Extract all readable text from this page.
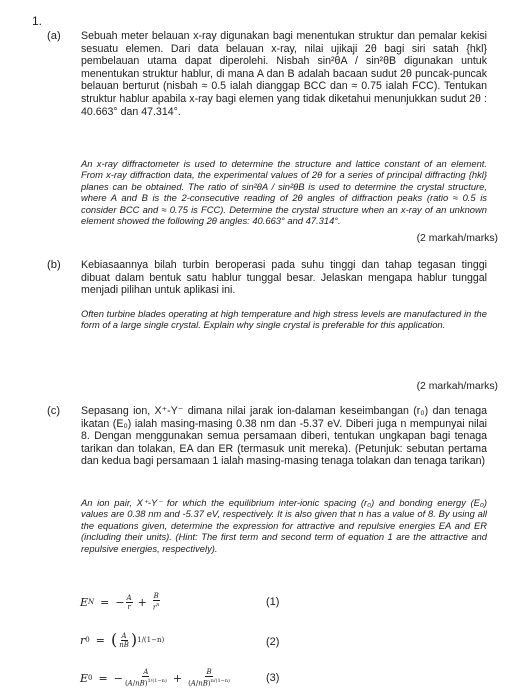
1.
(a) Sebuah meter belauan x-ray digunakan bagi menentukan struktur dan pemalar kekisi sesuatu elemen. Dari data belauan x-ray, nilai ujikaji 2θ bagi siri satah {hkl} pembelauan utama dapat diperolehi. Nisbah sin²θA / sin²θB digunakan untuk menentukan struktur hablur, di mana A dan B adalah bacaan sudut 2θ puncak-puncak belauan berturut (nisbah ≈ 0.5 ialah dianggap BCC dan ≈ 0.75 ialah FCC). Tentukan struktur hablur apabila x-ray bagi elemen yang tidak diketahui menunjukkan sudut 2θ : 40.663° dan 47.314°.
An x-ray diffractometer is used to determine the structure and lattice constant of an element. From x-ray diffraction data, the experimental values of 2θ for a series of principal diffracting {hkl} planes can be obtained. The ratio of sin²θA / sin²θB is used to determine the crystal structure, where A and B is the 2-consecutive reading of 2θ angles of diffraction peaks (ratio ≈ 0.5 is consider BCC and ≈ 0.75 is FCC). Determine the crystal structure when an x-ray of an unknown element showed the following 2θ angles: 40.663° and 47.314°.
(2 markah/marks)
(b) Kebiasaannya bilah turbin beroperasi pada suhu tinggi dan tahap tegasan tinggi dibuat dalam bentuk satu hablur tunggal besar. Jelaskan mengapa hablur tunggal menjadi pilihan untuk aplikasi ini.
Often turbine blades operating at high temperature and high stress levels are manufactured in the form of a large single crystal. Explain why single crystal is preferable for this application.
(2 markah/marks)
(c) Sepasang ion, X⁺-Y⁻ dimana nilai jarak ion-dalaman keseimbangan (r₀) dan tenaga ikatan (E₀) ialah masing-masing 0.38 nm dan -5.37 eV. Diberi juga n mempunyai nilai 8. Dengan menggunakan semua persamaan diberi, tentukan ungkapan bagi tenaga tarikan dan tolakan, EA dan ER (termasuk unit mereka). (Petunjuk: sebutan pertama dan kedua bagi persamaan 1 ialah masing-masing tenaga tolakan dan tenaga tarikan)
An ion pair, X⁺-Y⁻ for which the equilibrium inter-ionic spacing (r₀) and bonding energy (E₀) values are 0.38 nm and -5.37 eV, respectively. It is also given that n has a value of 8. By using all the equations given, determine the expression for attractive and repulsive energies EA and ER (including their units). (Hint: The first term and second term of equation 1 are the attractive and repulsive energies, respectively).
E N = − $\frac{A}{r} + \frac{B}{r^n}$	(1)
r 0 = ( $\frac{A}{nB}$ ) 1/(1−n)	(2)
E 0 = − $\frac{A}{(A/nB)^{1/(1-n)}} + \frac{B}{(A/nB)^{n/(1-n)}}$	(3)
